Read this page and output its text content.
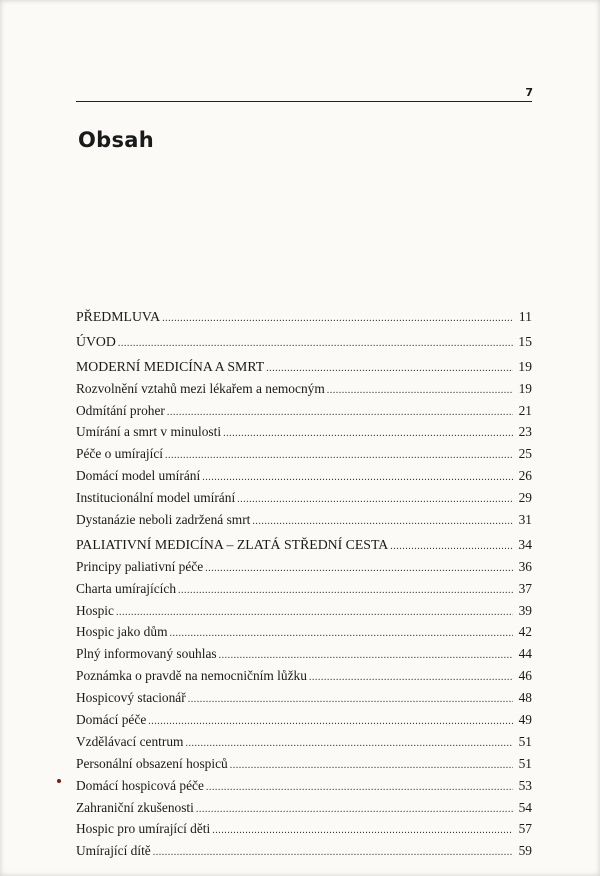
7
Obsah
PŘEDMLUVA .....	11
ÚVOD .....	15
MODERNÍ MEDICÍNA A SMRT .....	19
Rozvolnění vztahů mezi lékařem a nemocným .....	19
Odmítání proher .....	21
Umírání a smrt v minulosti .....	23
Péče o umírající .....	25
Domácí model umírání .....	26
Institucionální model umírání .....	29
Dystanázie neboli zadržená smrt .....	31
PALIATIVNÍ MEDICÍNA – ZLATÁ STŘEDNÍ CESTA .....	34
Principy paliativní péče .....	36
Charta umírajících .....	37
Hospic .....	39
Hospic jako dům .....	42
Plný informovaný souhlas .....	44
Poznámka o pravdě na nemocničním lůžku .....	46
Hospicový stacionář .....	48
Domácí péče .....	49
Vzdělávací centrum .....	51
Personální obsazení hospiců .....	51
Domácí hospicová péče .....	53
Zahraniční zkušenosti .....	54
Hospic pro umírající děti .....	57
Umírající dítě .....	59
